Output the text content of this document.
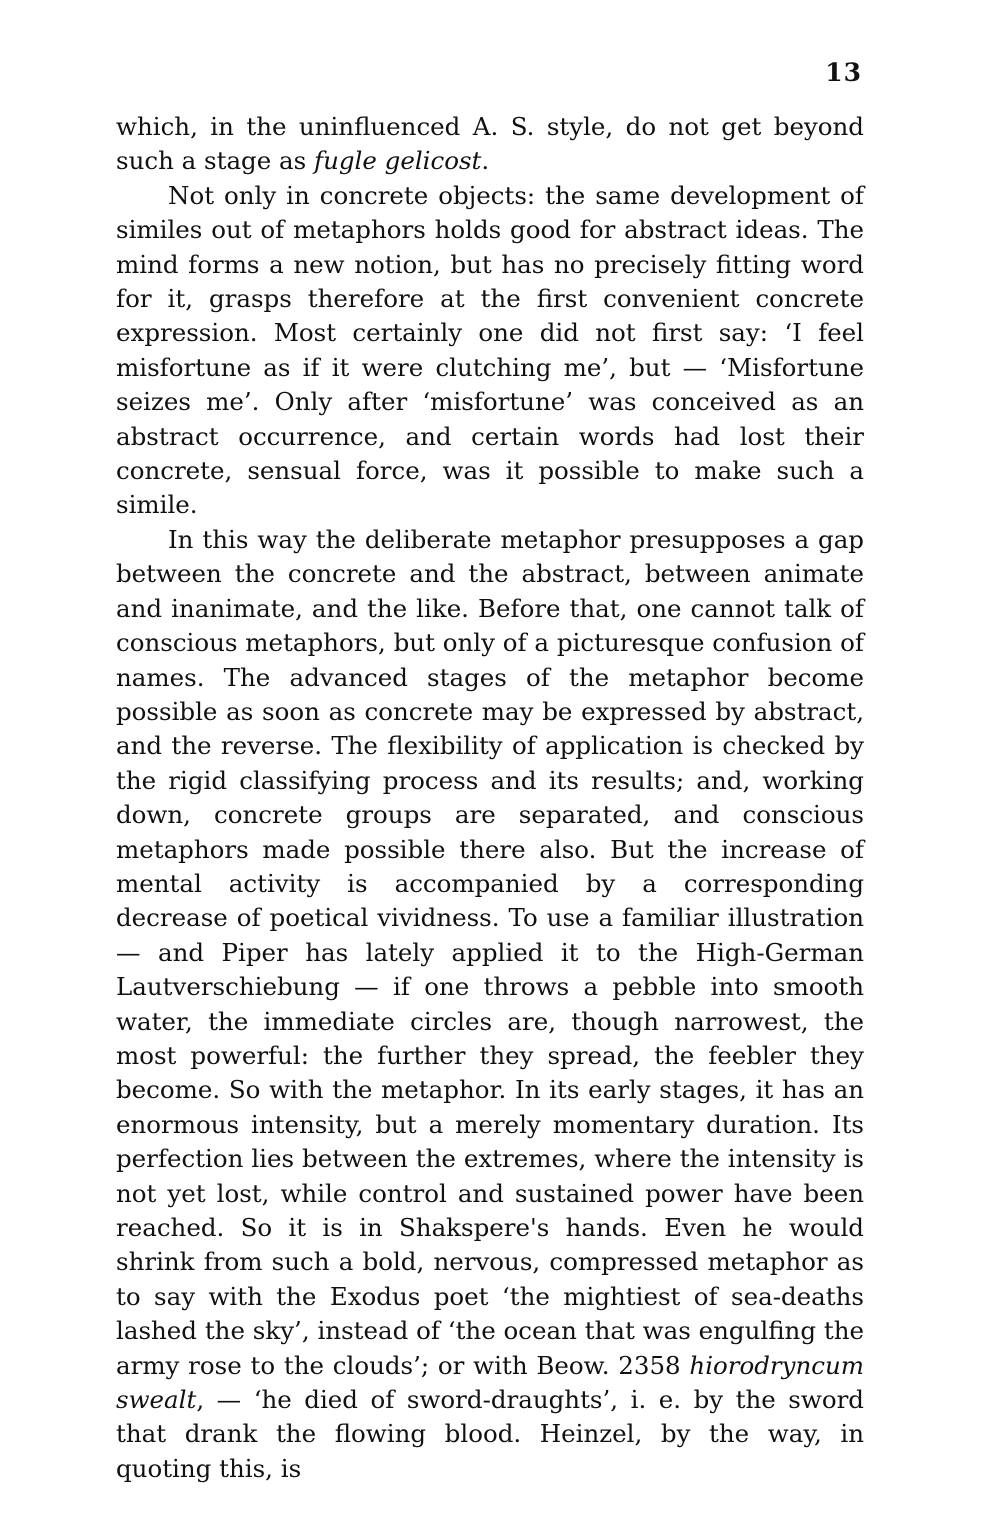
13

which, in the uninfluenced A. S. style, do not get beyond such a stage as fugle gelicost.

Not only in concrete objects: the same development of similes out of metaphors holds good for abstract ideas. The mind forms a new notion, but has no precisely fitting word for it, grasps therefore at the first convenient concrete expression. Most certainly one did not first say: ‘I feel misfortune as if it were clutching me’, but — ‘Misfortune seizes me’. Only after ‘misfortune’ was conceived as an abstract occurrence, and certain words had lost their concrete, sensual force, was it possible to make such a simile.

In this way the deliberate metaphor presupposes a gap between the concrete and the abstract, between animate and inanimate, and the like. Before that, one cannot talk of conscious metaphors, but only of a picturesque confusion of names. The advanced stages of the metaphor become possible as soon as concrete may be expressed by abstract, and the reverse. The flexibility of application is checked by the rigid classifying process and its results; and, working down, concrete groups are separated, and conscious metaphors made possible there also. But the increase of mental activity is accompanied by a corresponding decrease of poetical vividness. To use a familiar illustration — and Piper has lately applied it to the High-German Lautverschiebung — if one throws a pebble into smooth water, the immediate circles are, though narrowest, the most powerful: the further they spread, the feebler they become. So with the metaphor. In its early stages, it has an enormous intensity, but a merely momentary duration. Its perfection lies between the extremes, where the intensity is not yet lost, while control and sustained power have been reached. So it is in Shakspere's hands. Even he would shrink from such a bold, nervous, compressed metaphor as to say with the Exodus poet ‘the mightiest of sea-deaths lashed the sky’, instead of ‘the ocean that was engulfing the army rose to the clouds’; or with Beow. 2358 hiorodryncum swealt, — ‘he died of sword-draughts’, i. e. by the sword that drank the flowing blood. Heinzel, by the way, in quoting this, is
